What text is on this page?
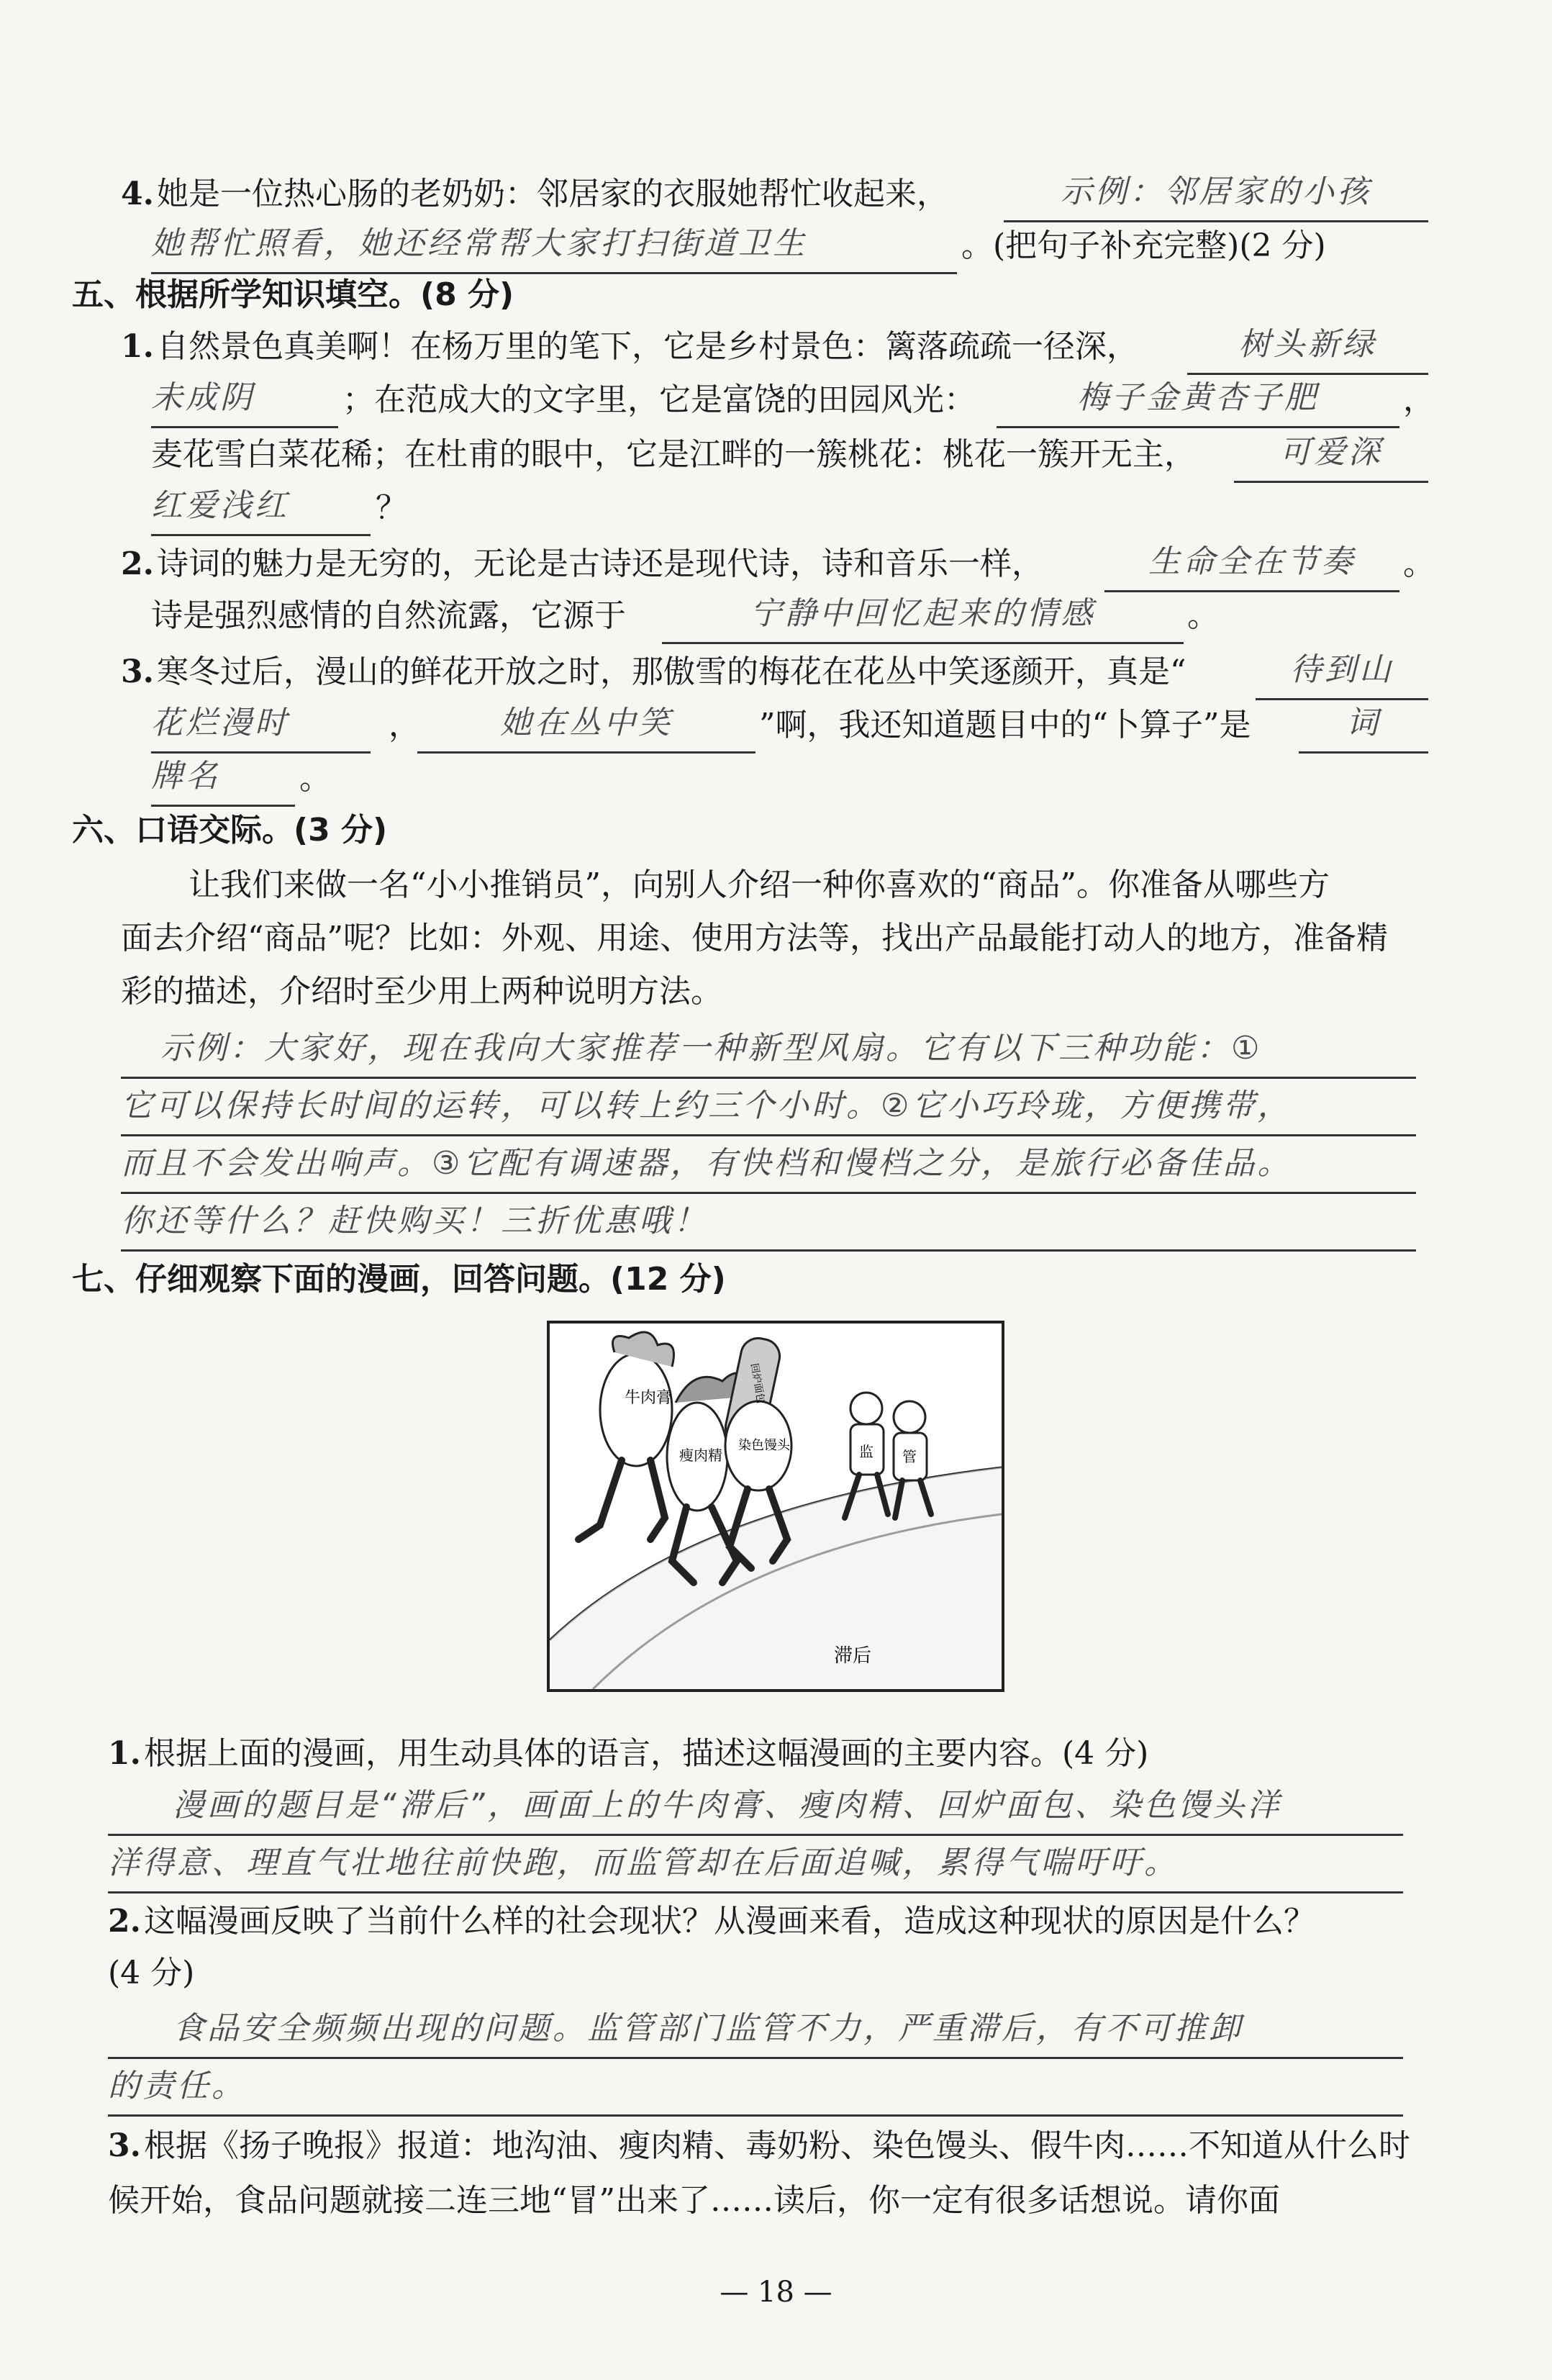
4. 她是一位热心肠的老奶奶：邻居家的衣服她帮忙收起来，	示例：邻居家的小孩
她帮忙照看，她还经常帮大家打扫街道卫生	。(把句子补充完整)(2 分)
五、根据所学知识填空。(8 分)
1. 自然景色真美啊！在杨万里的笔下，它是乡村景色：篱落疏疏一径深，	树头新绿
未成阴	；在范成大的文字里，它是富饶的田园风光：	梅子金黄杏子肥	，
麦花雪白菜花稀；在杜甫的眼中，它是江畔的一簇桃花：桃花一簇开无主，	可爱深
红爱浅红	？
2. 诗词的魅力是无穷的，无论是古诗还是现代诗，诗和音乐一样，	生命全在节奏	。
诗是强烈感情的自然流露，它源于	宁静中回忆起来的情感	。
3. 寒冬过后，漫山的鲜花开放之时，那傲雪的梅花在花丛中笑逐颜开，真是“	待到山
花烂漫时	，	她在丛中笑	”啊，我还知道题目中的“卜算子”是	词
牌名	。
六、口语交际。(3 分)
让我们来做一名“小小推销员”，向别人介绍一种你喜欢的“商品”。你准备从哪些方
面去介绍“商品”呢？比如：外观、用途、使用方法等，找出产品最能打动人的地方，准备精
彩的描述，介绍时至少用上两种说明方法。
示例：大家好，现在我向大家推荐一种新型风扇。它有以下三种功能：①
它可以保持长时间的运转，可以转上约三个小时。②它小巧玲珑，方便携带，
而且不会发出响声。③它配有调速器，有快档和慢档之分，是旅行必备佳品。
你还等什么？赶快购买！三折优惠哦！
七、仔细观察下面的漫画，回答问题。(12 分)
牛肉膏
瘦肉精
染色馒头
回炉面包
监 管
滞后
1. 根据上面的漫画，用生动具体的语言，描述这幅漫画的主要内容。(4 分)
漫画的题目是“滞后”，画面上的牛肉膏、瘦肉精、回炉面包、染色馒头洋
洋得意、理直气壮地往前快跑，而监管却在后面追喊，累得气喘吁吁。
2. 这幅漫画反映了当前什么样的社会现状？从漫画来看，造成这种现状的原因是什么？
(4 分)
食品安全频频出现的问题。监管部门监管不力，严重滞后，有不可推卸
的责任。
3. 根据《扬子晚报》报道：地沟油、瘦肉精、毒奶粉、染色馒头、假牛肉……不知道从什么时
候开始，食品问题就接二连三地“冒”出来了……读后，你一定有很多话想说。请你面
— 18 —
